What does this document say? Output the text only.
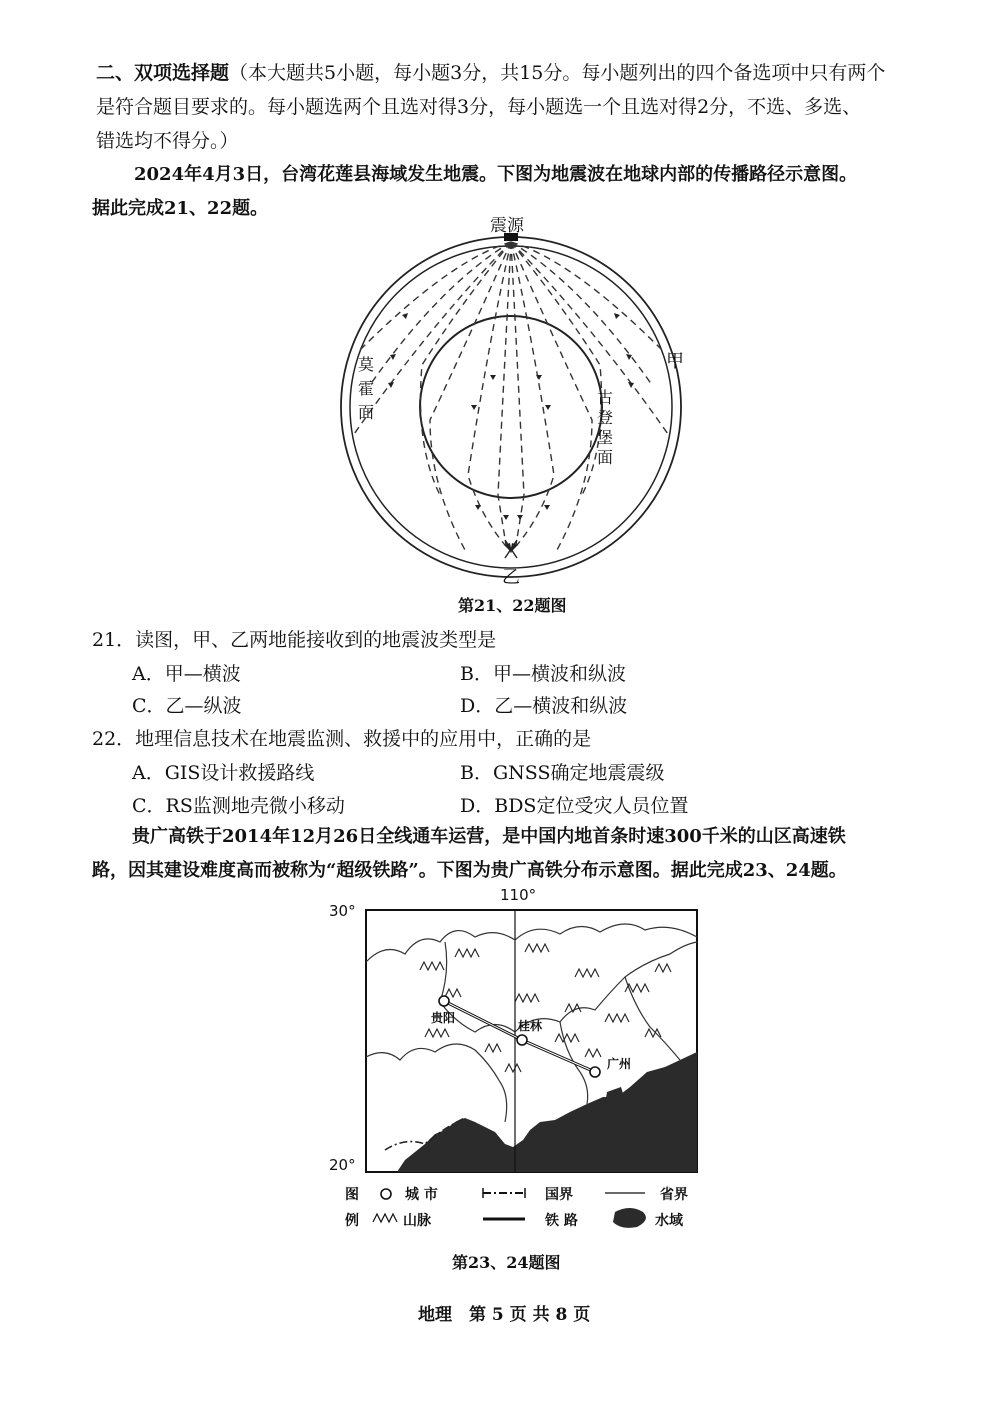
二、双项选择题（本大题共5小题，每小题3分，共15分。每小题列出的四个备选项中只有两个
是符合题目要求的。每小题选两个且选对得3分，每小题选一个且选对得2分，不选、多选、
错选均不得分。）
2024年4月3日，台湾花莲县海域发生地震。下图为地震波在地球内部的传播路径示意图。
据此完成21、22题。
震源
甲
乙
莫
霍
面
古
登
堡
面
第21、22题图
21．读图，甲、乙两地能接收到的地震波类型是
A．甲—横波	B．甲—横波和纵波
C．乙—纵波	D．乙—横波和纵波
22．地理信息技术在地震监测、救援中的应用中，正确的是
A．GIS设计救援路线	B．GNSS确定地震震级
C．RS监测地壳微小移动	D．BDS定位受灾人员位置
贵广高铁于2014年12月26日全线通车运营，是中国内地首条时速300千米的山区高速铁
路，因其建设难度高而被称为“超级铁路”。下图为贵广高铁分布示意图。据此完成23、24题。
贵阳
桂林
广州
110°
30°
20°
图
例
城 市	国界	省界
山脉	铁 路	水域
第23、24题图
地理　第 5 页 共 8 页
